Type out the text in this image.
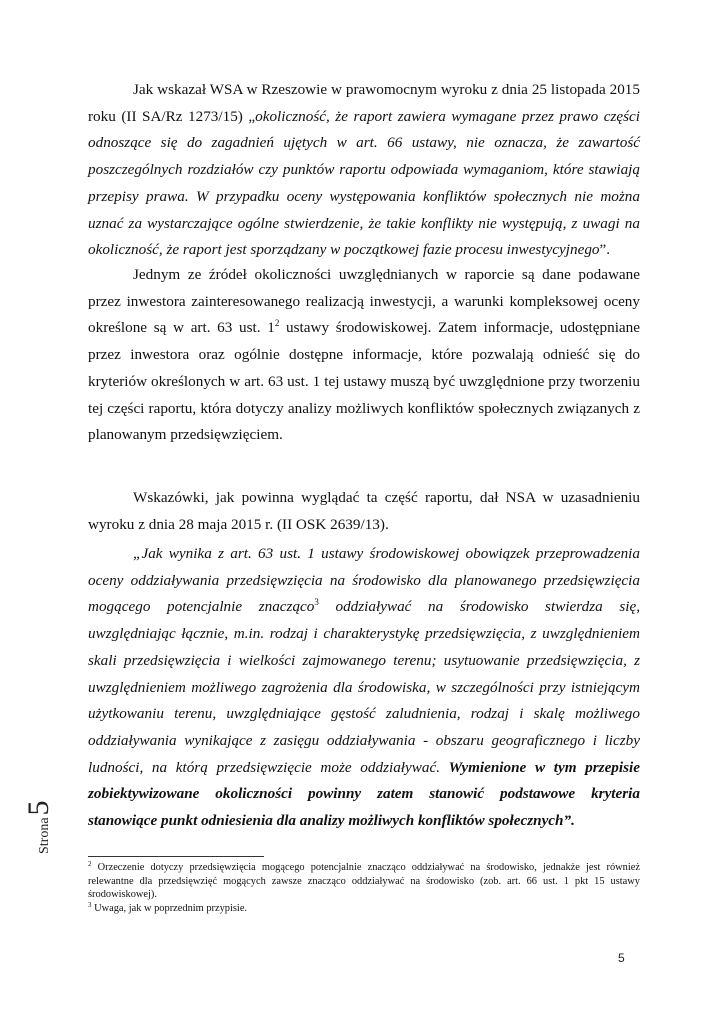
Jak wskazał WSA w Rzeszowie w prawomocnym wyroku z dnia 25 listopada 2015 roku (II SA/Rz 1273/15) „okoliczność, że raport zawiera wymagane przez prawo części odnoszące się do zagadnień ujętych w art. 66 ustawy, nie oznacza, że zawartość poszczególnych rozdziałów czy punktów raportu odpowiada wymaganiom, które stawiają przepisy prawa. W przypadku oceny występowania konfliktów społecznych nie można uznać za wystarczające ogólne stwierdzenie, że takie konflikty nie występują, z uwagi na okoliczność, że raport jest sporządzany w początkowej fazie procesu inwestycyjnego”.

Jednym ze źródeł okoliczności uwzględnianych w raporcie są dane podawane przez inwestora zainteresowanego realizacją inwestycji, a warunki kompleksowej oceny określone są w art. 63 ust. $1^2$ ustawy środowiskowej. Zatem informacje, udostępniane przez inwestora oraz ogólnie dostępne informacje, które pozwalają odnieść się do kryteriów określonych w art. 63 ust. 1 tej ustawy muszą być uwzględnione przy tworzeniu tej części raportu, która dotyczy analizy możliwych konfliktów społecznych związanych z planowanym przedsięwzięciem.

Wskazówki, jak powinna wyglądać ta część raportu, dał NSA w uzasadnieniu wyroku z dnia 28 maja 2015 r. (II OSK 2639/13).

„Jak wynika z art. 63 ust. 1 ustawy środowiskowej obowiązek przeprowadzenia oceny oddziaływania przedsięwzięcia na środowisko dla planowanego przedsięwzięcia mogącego potencjalnie znacząco$^3$ oddziaływać na środowisko stwierdza się, uwzględniając łącznie, m.in. rodzaj i charakterystykę przedsięwzięcia, z uwzględnieniem skali przedsięwzięcia i wielkości zajmowanego terenu; usytuowanie przedsięwzięcia, z uwzględnieniem możliwego zagrożenia dla środowiska, w szczególności przy istniejącym użytkowaniu terenu, uwzględniające gęstość zaludnienia, rodzaj i skalę możliwego oddziaływania wynikające z zasięgu oddziaływania - obszaru geograficznego i liczby ludności, na którą przedsięwzięcie może oddziaływać. Wymienione w tym przepisie zobiektywizowane okoliczności powinny zatem stanowić podstawowe kryteria stanowiące punkt odniesienia dla analizy możliwych konfliktów społecznych”.

Strona
5

$^2$ Orzeczenie dotyczy przedsięwzięcia mogącego potencjalnie znacząco oddziaływać na środowisko, jednakże jest również relewantne dla przedsięwzięć mogących zawsze znacząco oddziaływać na środowisko (zob. art. 66 ust. 1 pkt 15 ustawy środowiskowej).

$^3$ Uwaga, jak w poprzednim przypisie.

5
